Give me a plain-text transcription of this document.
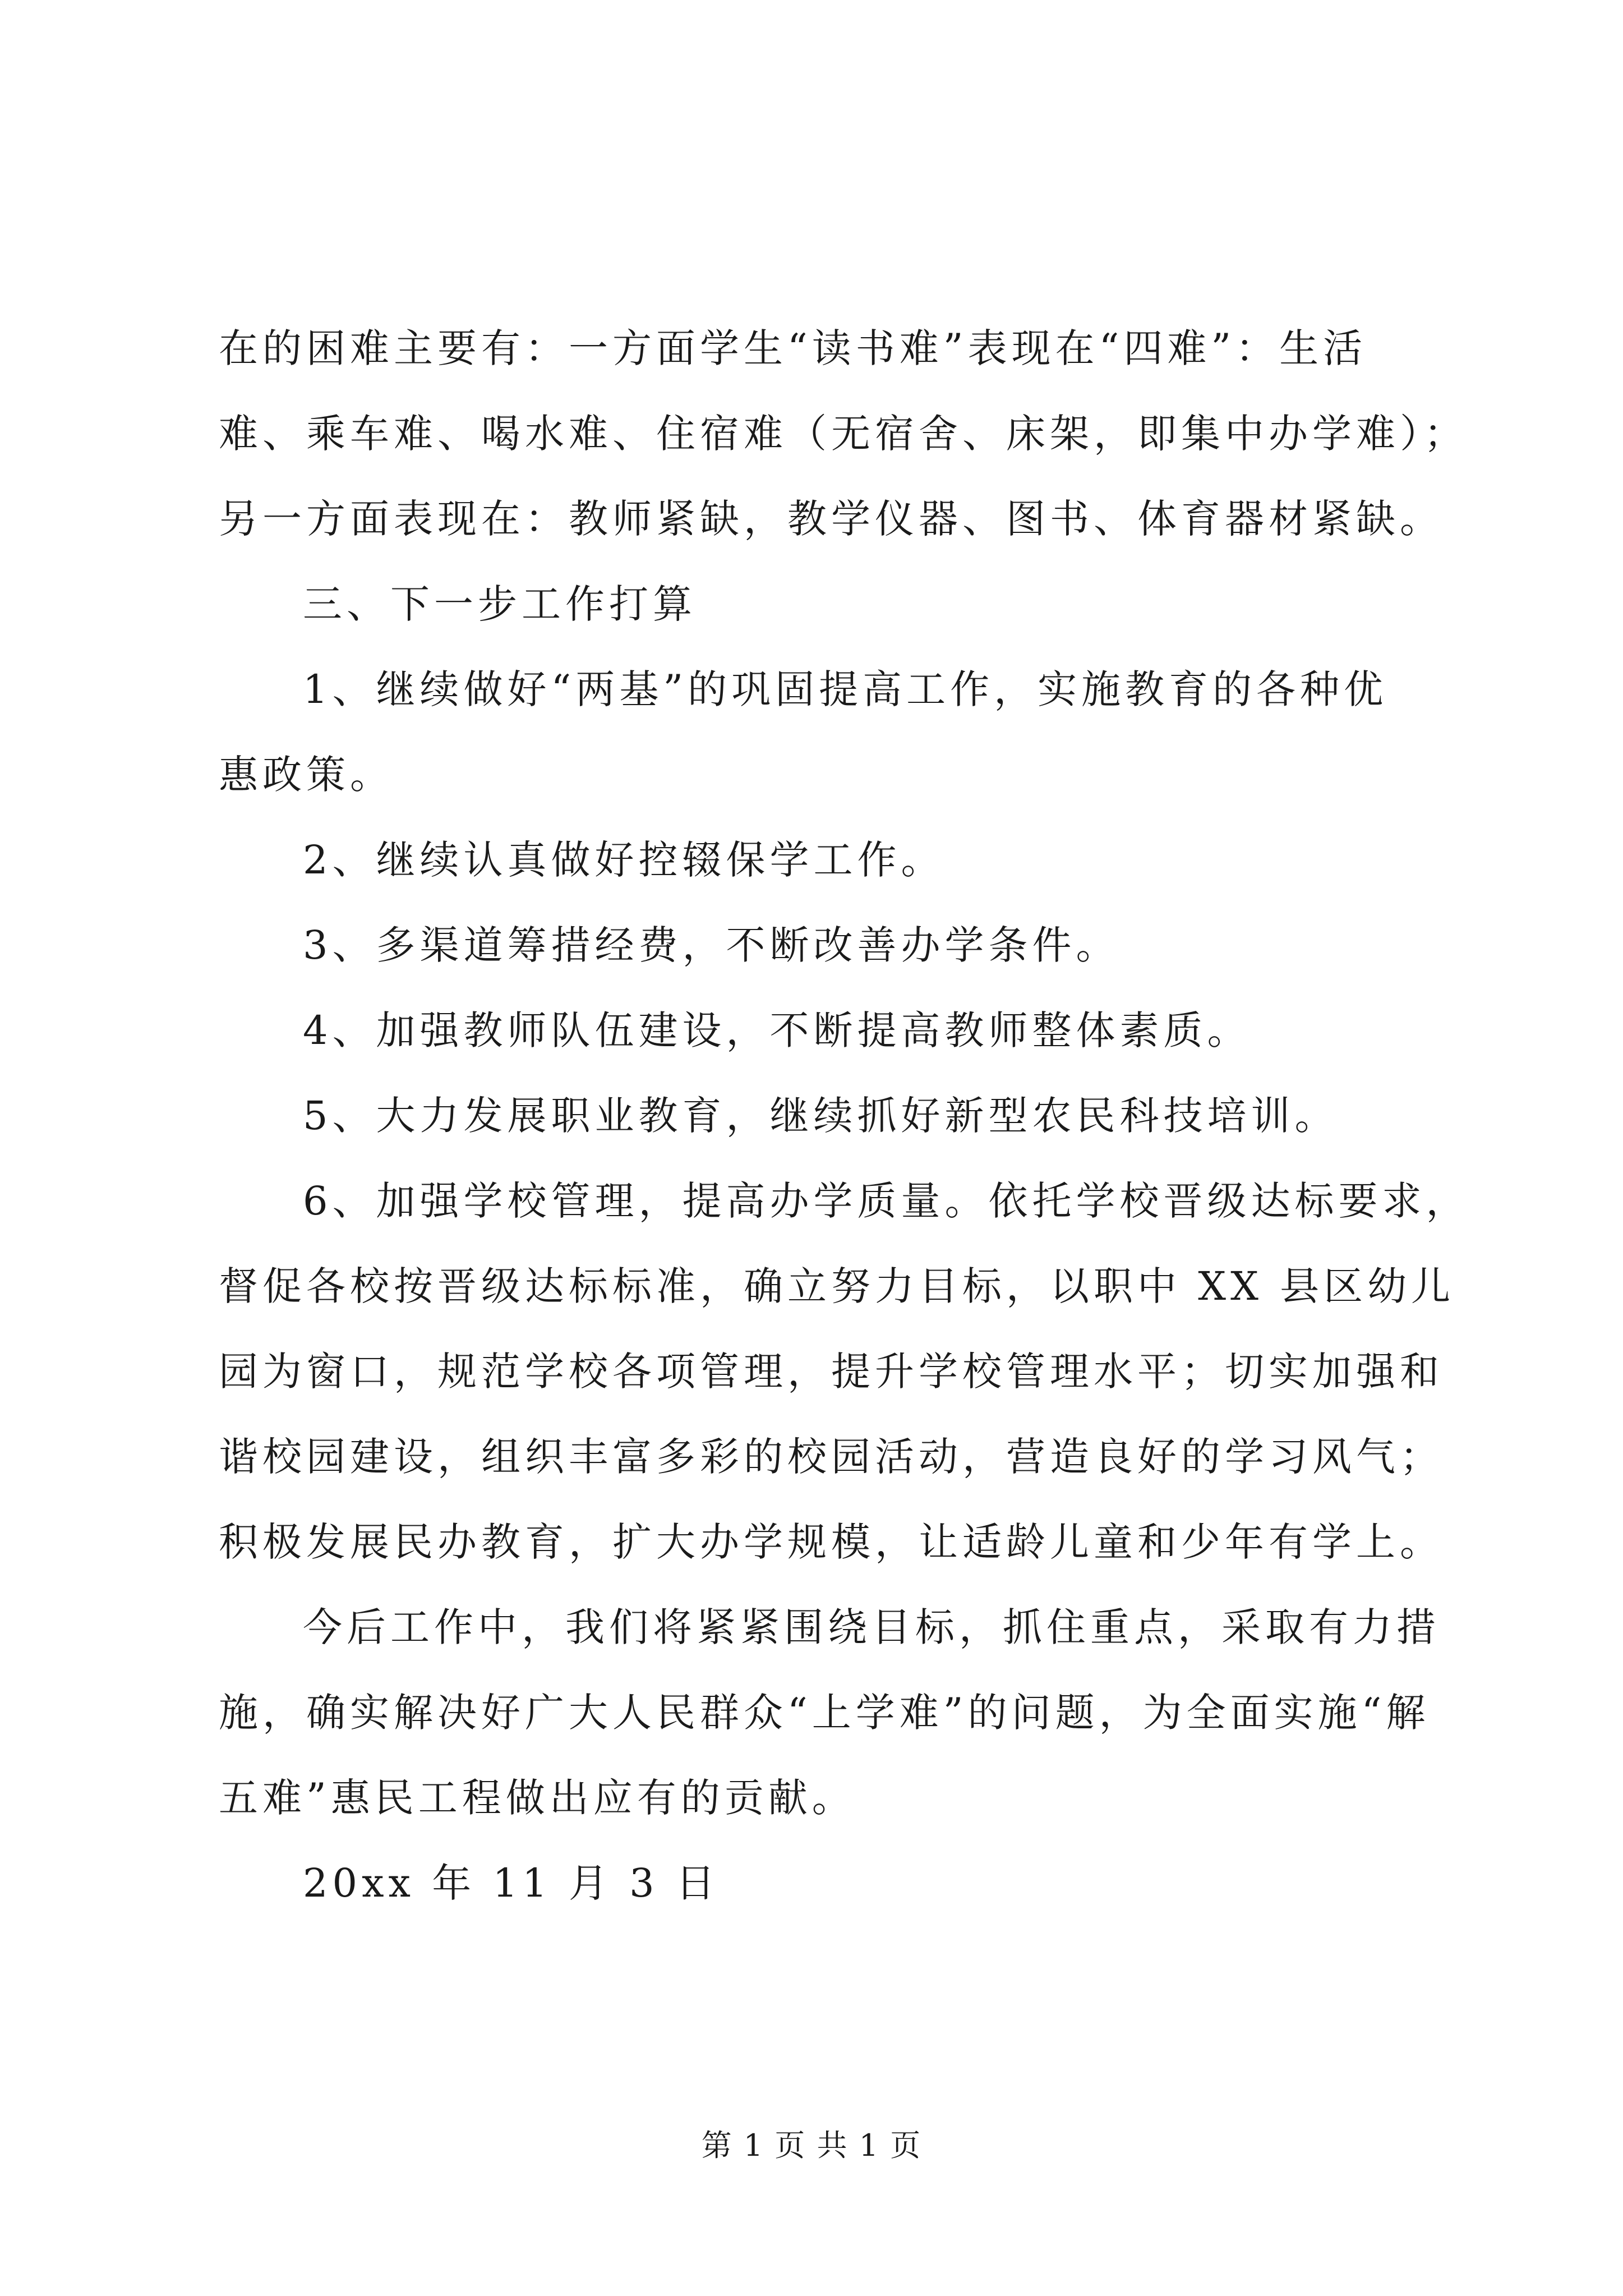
在的困难主要有：一方面学生“读书难”表现在“四难”：生活

难、乘车难、喝水难、住宿难（无宿舍、床架，即集中办学难）；

另一方面表现在：教师紧缺，教学仪器、图书、体育器材紧缺。

三、下一步工作打算

1、继续做好“两基”的巩固提高工作，实施教育的各种优

惠政策。

2、继续认真做好控辍保学工作。

3、多渠道筹措经费，不断改善办学条件。

4、加强教师队伍建设，不断提高教师整体素质。

5、大力发展职业教育，继续抓好新型农民科技培训。

6、加强学校管理，提高办学质量。依托学校晋级达标要求，

督促各校按晋级达标标准，确立努力目标，以职中 XX 县区幼儿

园为窗口，规范学校各项管理，提升学校管理水平；切实加强和

谐校园建设，组织丰富多彩的校园活动，营造良好的学习风气；

积极发展民办教育，扩大办学规模，让适龄儿童和少年有学上。

今后工作中，我们将紧紧围绕目标，抓住重点，采取有力措

施，确实解决好广大人民群众“上学难”的问题，为全面实施“解

五难”惠民工程做出应有的贡献。

20xx 年 11 月 3 日

第 1 页 共 1 页
